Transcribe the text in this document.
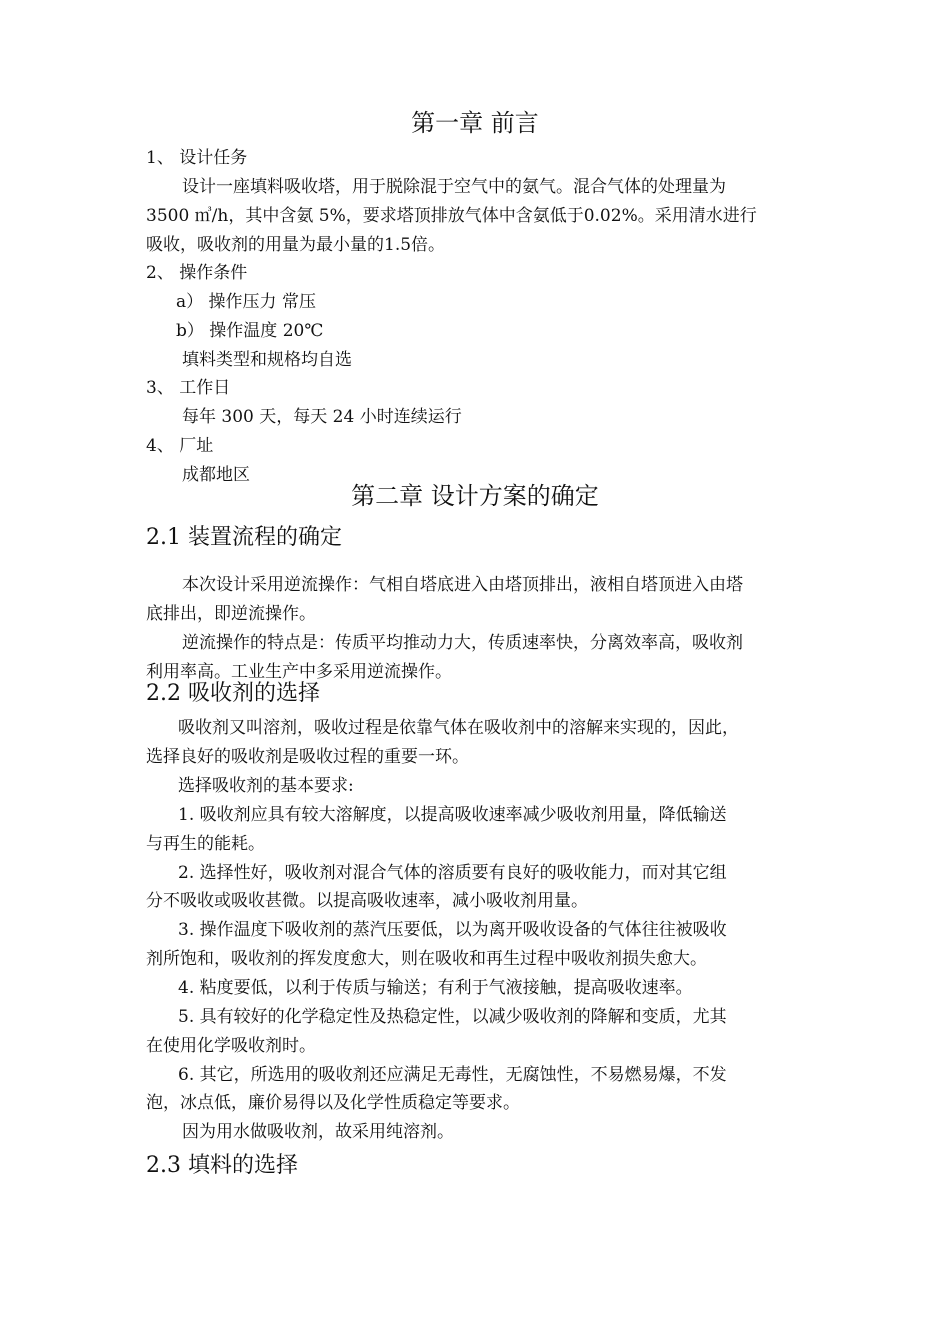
第一章 前言
1、 设计任务
设计一座填料吸收塔，用于脱除混于空气中的氨气。混合气体的处理量为
3500 ㎥/h，其中含氨 5%，要求塔顶排放气体中含氨低于0.02%。采用清水进行
吸收，吸收剂的用量为最小量的1.5倍。
2、 操作条件
a） 操作压力 常压
b） 操作温度 20℃
填料类型和规格均自选
3、 工作日
每年 300 天，每天 24 小时连续运行
4、 厂址
成都地区
第二章 设计方案的确定
2.1 装置流程的确定
本次设计采用逆流操作：气相自塔底进入由塔顶排出，液相自塔顶进入由塔
底排出，即逆流操作。
逆流操作的特点是：传质平均推动力大，传质速率快，分离效率高，吸收剂
利用率高。工业生产中多采用逆流操作。
2.2 吸收剂的选择
吸收剂又叫溶剂，吸收过程是依靠气体在吸收剂中的溶解来实现的，因此，
选择良好的吸收剂是吸收过程的重要一环。
选择吸收剂的基本要求:
1. 吸收剂应具有较大溶解度，以提高吸收速率减少吸收剂用量，降低输送
与再生的能耗。
2. 选择性好，吸收剂对混合气体的溶质要有良好的吸收能力，而对其它组
分不吸收或吸收甚微。以提高吸收速率，减小吸收剂用量。
3. 操作温度下吸收剂的蒸汽压要低，以为离开吸收设备的气体往往被吸收
剂所饱和，吸收剂的挥发度愈大，则在吸收和再生过程中吸收剂损失愈大。
4. 粘度要低，以利于传质与输送；有利于气液接触，提高吸收速率。
5. 具有较好的化学稳定性及热稳定性，以减少吸收剂的降解和变质，尤其
在使用化学吸收剂时。
6. 其它，所选用的吸收剂还应满足无毒性，无腐蚀性，不易燃易爆，不发
泡，冰点低，廉价易得以及化学性质稳定等要求。
因为用水做吸收剂，故采用纯溶剂。
2.3 填料的选择
